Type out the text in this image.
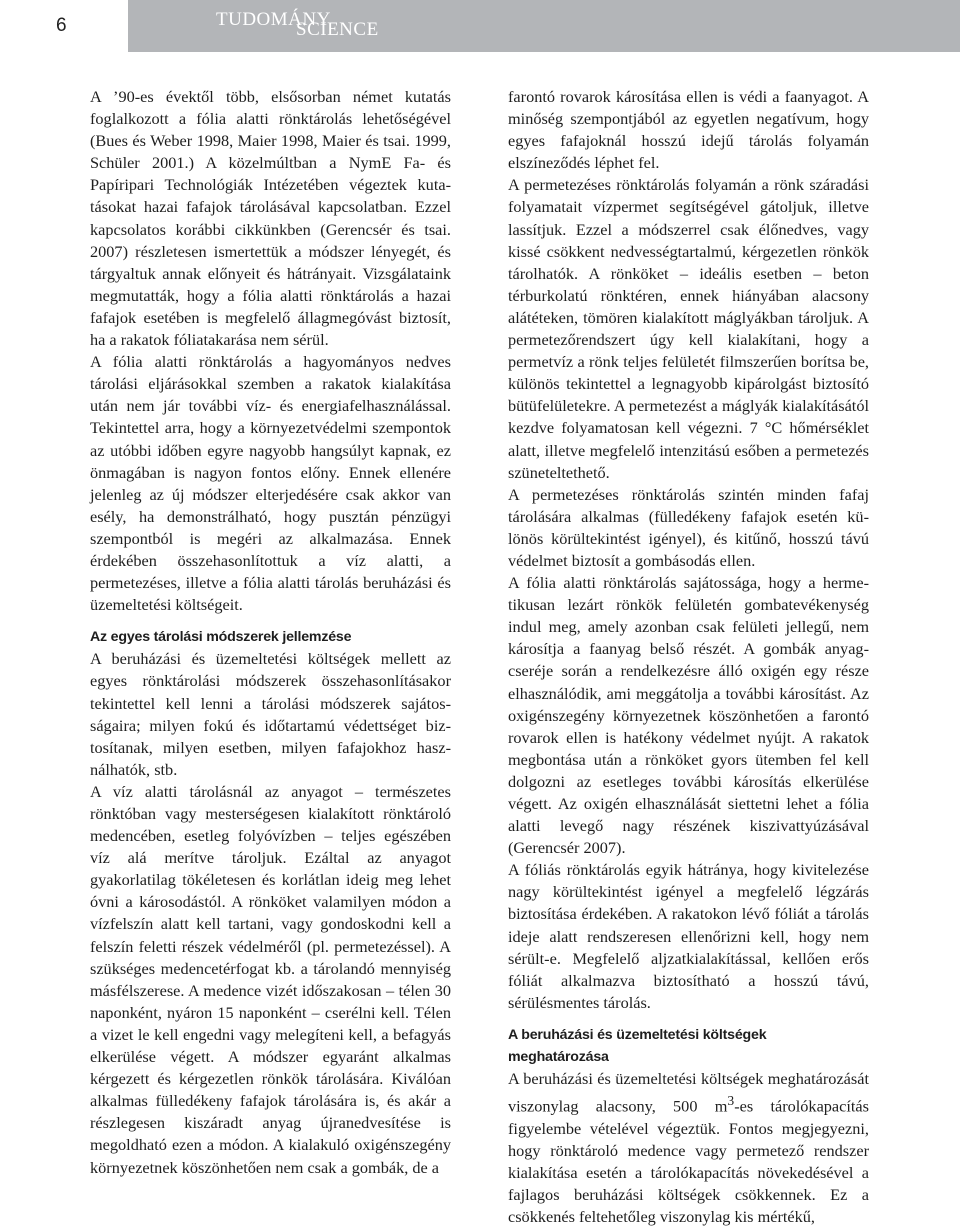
6	TUDOMÁNY
SCIENCE

A ’90-es évektől több, elsősorban német kutatás foglalkozott a fólia alatti rönktárolás lehetőségével (Bues és Weber 1998, Maier 1998, Maier és tsai. 1999, Schüler 2001.) A közelmúltban a NymE Fa- és Papíripari Technológiák Intézetében végeztek kutatásokat hazai fafajok tárolásával kapcsolatban. Ezzel kapcsolatos korábbi cikkünkben (Gerencsér és tsai. 2007) részletesen ismertettük a módszer lényegét, és tárgyaltuk annak előnyeit és hátrányait. Vizsgálataink megmutatták, hogy a fólia alatti rönktárolás a hazai fafajok esetében is megfelelő állagmegóvást biztosít, ha a rakatok fóliatakarása nem sérül.

A fólia alatti rönktárolás a hagyományos nedves tárolási eljárásokkal szemben a rakatok kialakítása után nem jár további víz- és energiafelhasználással. Tekintettel arra, hogy a környezetvédelmi szempontok az utóbbi időben egyre nagyobb hangsúlyt kapnak, ez önmagában is nagyon fontos előny. Ennek ellenére jelenleg az új módszer elterjedésére csak akkor van esély, ha demonstrálható, hogy pusztán pénzügyi szempontból is megéri az alkalmazása. Ennek érdekében összehasonlítottuk a víz alatti, a permetezéses, illetve a fólia alatti tárolás beruházási és üzemeltetési költségeit.

Az egyes tárolási módszerek jellemzése

A beruházási és üzemeltetési költségek mellett az egyes rönktárolási módszerek összehasonlításakor tekintettel kell lenni a tárolási módszerek sajátosságaira; milyen fokú és időtartamú védettséget biztosítanak, milyen esetben, milyen fafajokhoz használhatók, stb.

A víz alatti tárolásnál az anyagot – természetes rönktóban vagy mesterségesen kialakított rönktároló medencében, esetleg folyóvízben – teljes egészében víz alá merítve tároljuk. Ezáltal az anyagot gyakorlatilag tökéletesen és korlátlan ideig meg lehet óvni a károsodástól. A rönköket valamilyen módon a vízfelszín alatt kell tartani, vagy gondoskodni kell a felszín feletti részek védelméről (pl. permetezéssel). A szükséges medencetérfogat kb. a tárolandó mennyiség másfélszerese. A medence vizét időszakosan – télen 30 naponként, nyáron 15 naponként – cserélni kell. Télen a vizet le kell engedni vagy melegíteni kell, a befagyás elkerülése végett. A módszer egyaránt alkalmas kérgezett és kérgezetlen rönkök tárolására. Kiválóan alkalmas fülledékeny fafajok tárolására is, és akár a részlegesen kiszáradt anyag újranedvesítése is megoldható ezen a módon. A kialakuló oxigénszegény környezetnek köszönhetően nem csak a gombák, de a

farontó rovarok károsítása ellen is védi a faanyagot. A minőség szempontjából az egyetlen negatívum, hogy egyes fafajoknál hosszú idejű tárolás folyamán elszíneződés léphet fel.

A permetezéses rönktárolás folyamán a rönk száradási folyamatait vízpermet segítségével gátoljuk, illetve lassítjuk. Ezzel a módszerrel csak élőnedves, vagy kissé csökkent nedvességtartalmú, kérgezetlen rönkök tárolhatók. A rönköket – ideális esetben – beton térburkolatú rönktéren, ennek hiányában alacsony alátéteken, tömören kialakított máglyákban tároljuk. A permetezőrendszert úgy kell kialakítani, hogy a permetvíz a rönk teljes felületét filmszerűen borítsa be, különös tekintettel a legnagyobb kipárolgást biztosító bütüfelületekre. A permetezést a máglyák kialakításától kezdve folyamatosan kell végezni. 7 °C hőmérséklet alatt, illetve megfelelő intenzitású esőben a permetezés szüneteltethető.

A permetezéses rönktárolás szintén minden fafaj tárolására alkalmas (fülledékeny fafajok esetén különös körültekintést igényel), és kitűnő, hosszú távú védelmet biztosít a gombásodás ellen.

A fólia alatti rönktárolás sajátossága, hogy a hermetikusan lezárt rönkök felületén gombatevékenység indul meg, amely azonban csak felületi jellegű, nem károsítja a faanyag belső részét. A gombák anyagcseréje során a rendelkezésre álló oxigén egy része elhasználódik, ami meggátolja a további károsítást. Az oxigénszegény környezetnek köszönhetően a farontó rovarok ellen is hatékony védelmet nyújt. A rakatok megbontása után a rönköket gyors ütemben fel kell dolgozni az esetleges további károsítás elkerülése végett. Az oxigén elhasználását siettetni lehet a fólia alatti levegő nagy részének kiszivattyúzásával (Gerencsér 2007).

A fóliás rönktárolás egyik hátránya, hogy kivitelezése nagy körültekintést igényel a megfelelő légzárás biztosítása érdekében. A rakatokon lévő fóliát a tárolás ideje alatt rendszeresen ellenőrizni kell, hogy nem sérült-e. Megfelelő aljzatkialakítással, kellően erős fóliát alkalmazva biztosítható a hosszú távú, sérülésmentes tárolás.

A beruházási és üzemeltetési költségek meghatározása

A beruházási és üzemeltetési költségek meghatározását viszonylag alacsony, 500 $m^3-es$ tárolókapacítás figyelembe vételével végeztük. Fontos megjegyezni, hogy rönktároló medence vagy permetező rendszer kialakítása esetén a tárolókapacítás növekedésével a fajlagos beruházási költségek csökkennek. Ez a csökkenés feltehetőleg viszonylag kis mértékű,
